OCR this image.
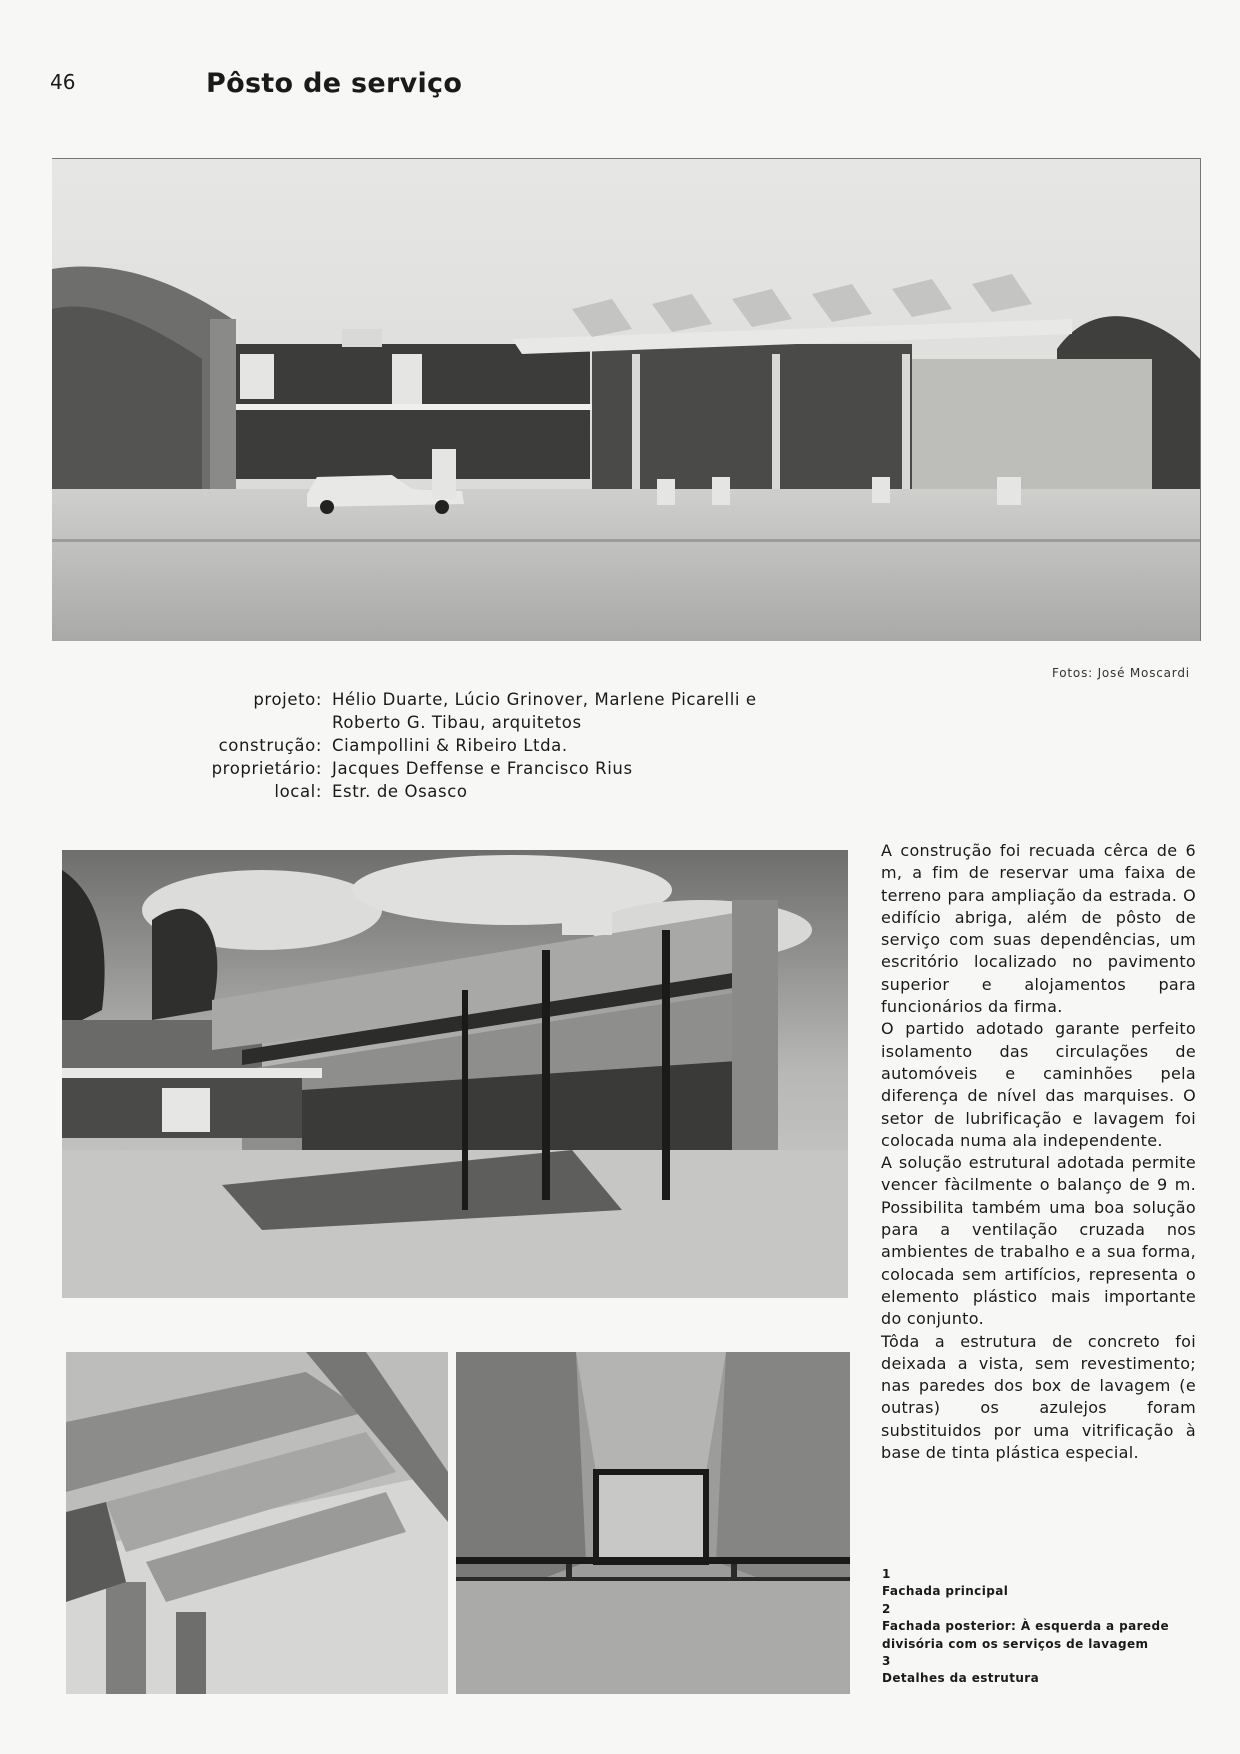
46	Pôsto de serviço
Fotos: José Moscardi
projeto: Hélio Duarte, Lúcio Grinover, Marlene Picarelli e Roberto G. Tibau, arquitetos
construção: Ciampollini & Ribeiro Ltda.
proprietário: Jacques Deffense e Francisco Rius
local: Estr. de Osasco

A construção foi recuada cêrca de 6 m, a fim de reservar uma faixa de terreno para ampliação da estrada. O edifício abriga, além de pôsto de serviço com suas dependências, um escritório localizado no pavimento superior e alojamentos para funcionários da firma.

O partido adotado garante perfeito isolamento das circulações de automóveis e caminhões pela diferença de nível das marquises. O setor de lubrificação e lavagem foi colocada numa ala independente.

A solução estrutural adotada permite vencer fàcilmente o balanço de 9 m. Possibilita também uma boa solução para a ventilação cruzada nos ambientes de trabalho e a sua forma, colocada sem artifícios, representa o elemento plástico mais importante do conjunto.

Tôda a estrutura de concreto foi deixada a vista, sem revestimento; nas paredes dos box de lavagem (e outras) os azulejos foram substituidos por uma vitrificação à base de tinta plástica especial.

1
Fachada principal
2
Fachada posterior: À esquerda a parede divisória com os serviços de lavagem
3
Detalhes da estrutura
